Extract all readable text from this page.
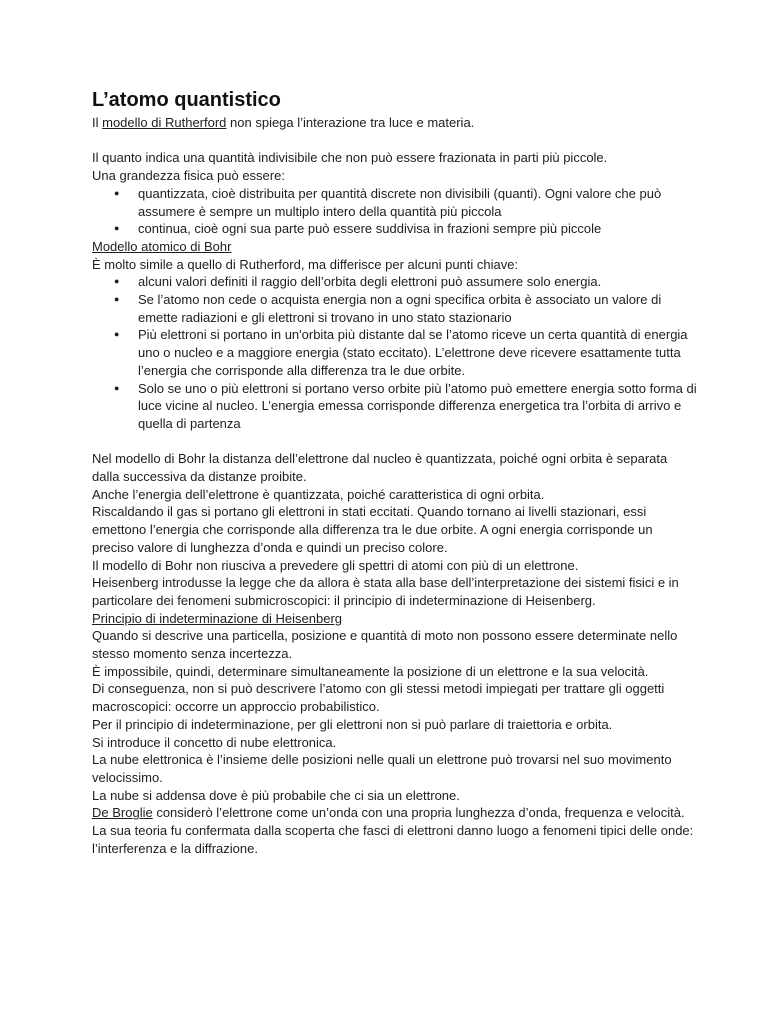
L’atomo quantistico

Il modello di Rutherford non spiega l’interazione tra luce e materia.

Il quanto indica una quantità indivisibile che non può essere frazionata in parti più piccole.

Una grandezza fisica può essere:

● quantizzata, cioè distribuita per quantità discrete non divisibili (quanti). Ogni valore che può assumere è sempre un multiplo intero della quantità più piccola
● continua, cioè ogni sua parte può essere suddivisa in frazioni sempre più piccole

Modello atomico di Bohr

È molto simile a quello di Rutherford, ma differisce per alcuni punti chiave:

● alcuni valori definiti il raggio dell’orbita degli elettroni può assumere solo energia.
● Se l’atomo non cede o acquista energia non a ogni specifica orbita è associato un valore di emette radiazioni e gli elettroni si trovano in uno stato stazionario
● Più elettroni si portano in un'orbita più distante dal se l’atomo riceve un certa quantità di energia uno o nucleo e a maggiore energia (stato eccitato). L’elettrone deve ricevere esattamente tutta l’energia che corrisponde alla differenza tra le due orbite.
● Solo se uno o più elettroni si portano verso orbite più l’atomo può emettere energia sotto forma di luce vicine al nucleo. L’energia emessa corrisponde differenza energetica tra l’orbita di arrivo e quella di partenza

Nel modello di Bohr la distanza dell’elettrone dal nucleo è quantizzata, poiché ogni orbita è separata dalla successiva da distanze proibite.

Anche l’energia dell’elettrone è quantizzata, poiché caratteristica di ogni orbita.

Riscaldando il gas si portano gli elettroni in stati eccitati. Quando tornano ai livelli stazionari, essi emettono l’energia che corrisponde alla differenza tra le due orbite. A ogni energia corrisponde un preciso valore di lunghezza d’onda e quindi un preciso colore.

Il modello di Bohr non riusciva a prevedere gli spettri di atomi con più di un elettrone.

Heisenberg introdusse la legge che da allora è stata alla base dell’interpretazione dei sistemi fisici e in particolare dei fenomeni submicroscopici: il principio di indeterminazione di Heisenberg.

Principio di indeterminazione di Heisenberg

Quando si descrive una particella, posizione e quantità di moto non possono essere determinate nello stesso momento senza incertezza.

È impossibile, quindi, determinare simultaneamente la posizione di un elettrone e la sua velocità.

Di conseguenza, non si può descrivere l’atomo con gli stessi metodi impiegati per trattare gli oggetti macroscopici: occorre un approccio probabilistico.

Per il principio di indeterminazione, per gli elettroni non si può parlare di traiettoria e orbita.

Si introduce il concetto di nube elettronica.

La nube elettronica è l’insieme delle posizioni nelle quali un elettrone può trovarsi nel suo movimento velocissimo.

La nube si addensa dove è più probabile che ci sia un elettrone.

De Broglie considerò l’elettrone come un’onda con una propria lunghezza d’onda, frequenza e velocità.

La sua teoria fu confermata dalla scoperta che fasci di elettroni danno luogo a fenomeni tipici delle onde: l’interferenza e la diffrazione.
